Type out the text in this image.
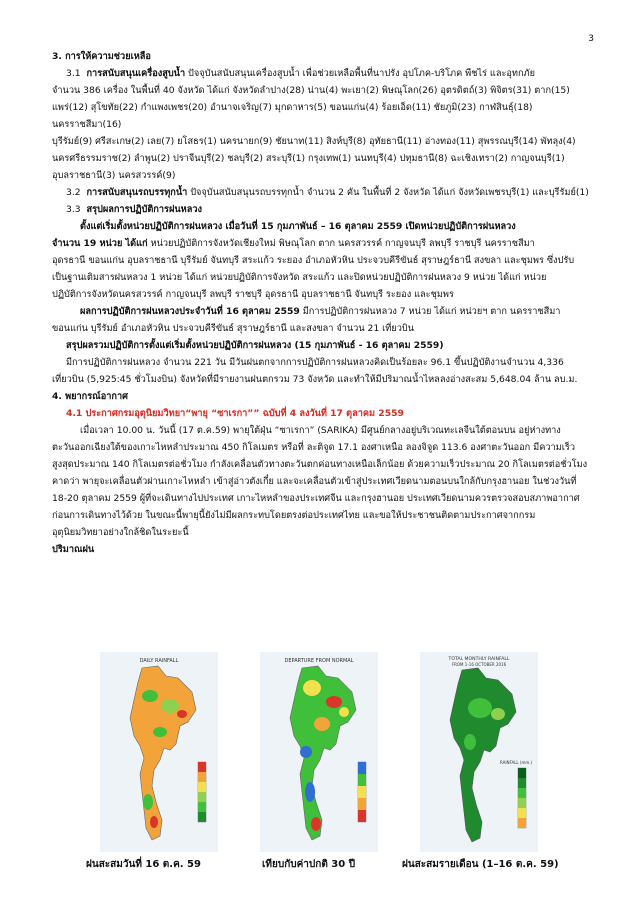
3

3. การให้ความช่วยเหลือ

3.1 การสนับสนุนเครื่องสูบน้ำ ปัจจุบันสนับสนุนเครื่องสูบน้ำ เพื่อช่วยเหลือพื้นที่นาปรัง อุปโภค-บริโภค พืชไร่ และอุทกภัย

จำนวน 386 เครื่อง ในพื้นที่ 40 จังหวัด ได้แก่ จังหวัดลำปาง(28) น่าน(4) พะเยา(2) พิษณุโลก(26) อุตรดิตถ์(3) พิจิตร(31) ตาก(15)

แพร่(12) สุโขทัย(22) กำแพงเพชร(20) อำนาจเจริญ(7) มุกดาหาร(5) ขอนแก่น(4) ร้อยเอ็ด(11) ชัยภูมิ(23) กาฬสินธุ์(18) นครราชสีมา(16)

บุรีรัมย์(9) ศรีสะเกษ(2) เลย(7) ยโสธร(1) นครนายก(9) ชัยนาท(11) สิงห์บุรี(8) อุทัยธานี(11) อ่างทอง(11) สุพรรณบุรี(14) พัทลุง(4)

นครศรีธรรมราช(2) ลำพูน(2) ปราจีนบุรี(2) ชลบุรี(2) สระบุรี(1) กรุงเทพ(1) นนทบุรี(4) ปทุมธานี(8) ฉะเชิงเทรา(2) กาญจนบุรี(1)

อุบลราชธานี(3) นครสวรรค์(9)

3.2 การสนับสนุนรถบรรทุกน้ำ ปัจจุบันสนับสนุนรถบรรทุกน้ำ จำนวน 2 คัน ในพื้นที่ 2 จังหวัด ได้แก่ จังหวัดเพชรบุรี(1) และบุรีรัมย์(1)

3.3 สรุปผลการปฏิบัติการฝนหลวง

ตั้งแต่เริ่มตั้งหน่วยปฏิบัติการฝนหลวง เมื่อวันที่ 15 กุมภาพันธ์ – 16 ตุลาคม 2559 เปิดหน่วยปฏิบัติการฝนหลวง

จำนวน 19 หน่วย ได้แก่ หน่วยปฏิบัติการจังหวัดเชียงใหม่ พิษณุโลก ตาก นครสวรรค์ กาญจนบุรี ลพบุรี ราชบุรี นครราชสีมา

อุดรธานี ขอนแก่น อุบลราชธานี บุรีรัมย์ จันทบุรี สระแก้ว ระยอง อำเภอหัวหิน ประจวบคีรีขันธ์ สุราษฎร์ธานี สงขลา และชุมพร ซึ่งปรับ

เป็นฐานเติมสารฝนหลวง 1 หน่วย ได้แก่ หน่วยปฏิบัติการจังหวัด สระแก้ว และปิดหน่วยปฏิบัติการฝนหลวง 9 หน่วย ได้แก่ หน่วย

ปฏิบัติการจังหวัดนครสวรรค์ กาญจนบุรี ลพบุรี ราชบุรี อุดรธานี อุบลราชธานี จันทบุรี ระยอง และชุมพร

ผลการปฏิบัติการฝนหลวงประจำวันที่ 16 ตุลาคม 2559 มีการปฏิบัติการฝนหลวง 7 หน่วย ได้แก่ หน่วยฯ ตาก นครราชสีมา

ขอนแก่น บุรีรัมย์ อำเภอหัวหิน ประจวบคีรีขันธ์ สุราษฎร์ธานี และสงขลา จำนวน 21 เที่ยวบิน

สรุปผลรวมปฏิบัติการตั้งแต่เริ่มตั้งหน่วยปฏิบัติการฝนหลวง (15 กุมภาพันธ์ - 16 ตุลาคม 2559)

มีการปฏิบัติการฝนหลวง จำนวน 221 วัน มีวันฝนตกจากการปฏิบัติการฝนหลวงคิดเป็นร้อยละ 96.1 ขึ้นปฏิบัติงานจำนวน 4,336

เที่ยวบิน (5,925:45 ชั่วโมงบิน) จังหวัดที่มีรายงานฝนตกรวม 73 จังหวัด และทำให้มีปริมาณน้ำไหลลงอ่างสะสม 5,648.04 ล้าน ลบ.ม.

4. พยากรณ์อากาศ

4.1 ประกาศกรมอุตุนิยมวิทยา“พายุ “ซาเรกา”” ฉบับที่ 4 ลงวันที่ 17 ตุลาคม 2559

เมื่อเวลา 10.00 น. วันนี้ (17 ต.ค.59) พายุใต้ฝุ่น “ซาเรกา” (SARIKA) มีศูนย์กลางอยู่บริเวณทะเลจีนใต้ตอนบน อยู่ห่างทาง

ตะวันออกเฉียงใต้ของเกาะไหหลำประมาณ 450 กิโลเมตร หรือที่ ละติจูด 17.1 องศาเหนือ ลองจิจูด 113.6 องศาตะวันออก มีความเร็ว

สูงสุดประมาณ 140 กิโลเมตรต่อชั่วโมง กำลังเคลื่อนตัวทางตะวันตกค่อนทางเหนือเล็กน้อย ด้วยความเร็วประมาณ 20 กิโลเมตรต่อชั่วโมง

คาดว่า พายุจะเคลื่อนตัวผ่านเกาะไหหลำ เข้าสู่อ่าวตังเกี๋ย และจะเคลื่อนตัวเข้าสู่ประเทศเวียดนามตอนบนใกล้กับกรุงฮานอย ในช่วงวันที่

18-20 ตุลาคม 2559 ผู้ที่จะเดินทางไปประเทศ เกาะไหหลำของประเทศจีน และกรุงฮานอย ประเทศเวียดนามควรตรวจสอบสภาพอากาศ

ก่อนการเดินทางไว้ด้วย ในขณะนี้พายุนี้ยังไม่มีผลกระทบโดยตรงต่อประเทศไทย และขอให้ประชาชนติดตามประกาศจากกรม

อุตุนิยมวิทยาอย่างใกล้ชิดในระยะนี้

ปริมาณฝน

DAILY RAINFALL	DEPARTURE FROM NORMAL	TOTAL MONTHLY RAINFALL
FROM 1-16 OCTOBER 2016
RAINFALL (mm.)
ฝนสะสมวันที่ 16 ต.ค. 59	เทียบกับค่าปกติ 30 ปี	ฝนสะสมรายเดือน (1–16 ต.ค. 59)
